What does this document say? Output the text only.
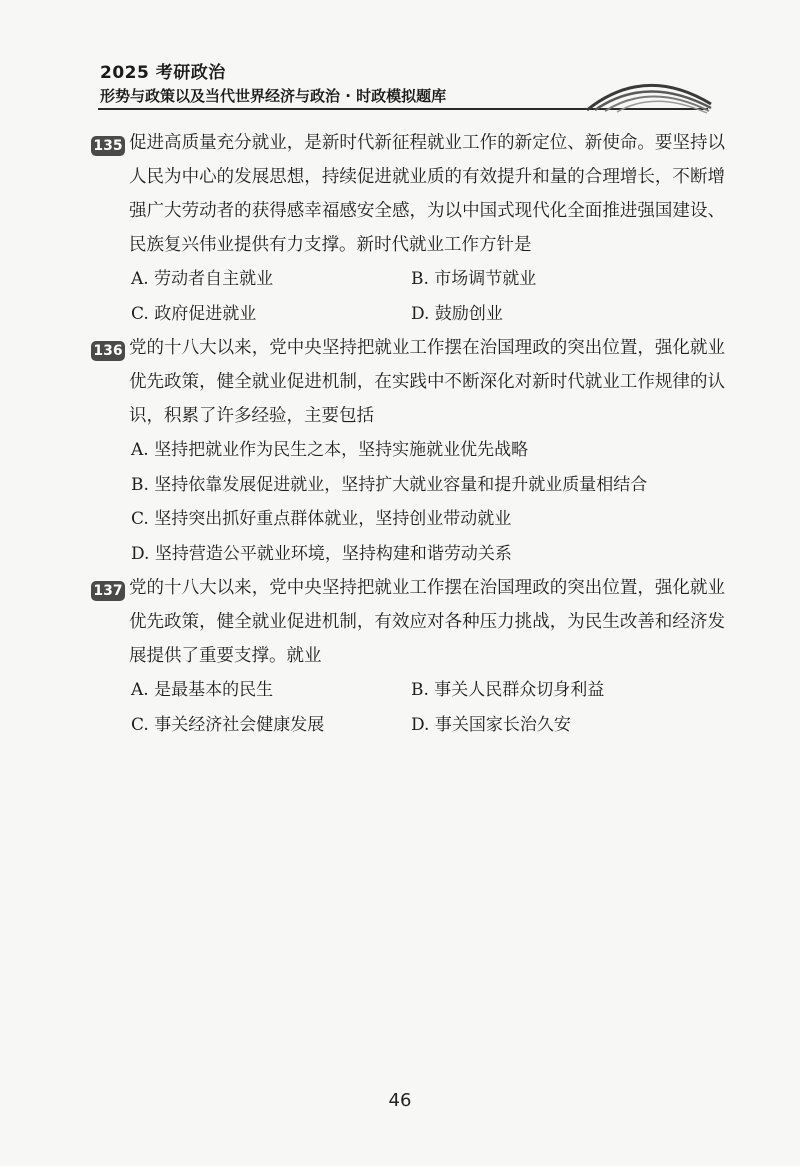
2025 考研政治
形势与政策以及当代世界经济与政治 · 时政模拟题库
135 促进高质量充分就业，是新时代新征程就业工作的新定位、新使命。要坚持以人民为中心的发展思想，持续促进就业质的有效提升和量的合理增长，不断增强广大劳动者的获得感幸福感安全感，为以中国式现代化全面推进强国建设、民族复兴伟业提供有力支撑。新时代就业工作方针是
A. 劳动者自主就业	B. 市场调节就业
C. 政府促进就业	D. 鼓励创业
136 党的十八大以来，党中央坚持把就业工作摆在治国理政的突出位置，强化就业优先政策，健全就业促进机制，在实践中不断深化对新时代就业工作规律的认识，积累了许多经验，主要包括
A. 坚持把就业作为民生之本，坚持实施就业优先战略
B. 坚持依靠发展促进就业，坚持扩大就业容量和提升就业质量相结合
C. 坚持突出抓好重点群体就业，坚持创业带动就业
D. 坚持营造公平就业环境，坚持构建和谐劳动关系
137 党的十八大以来，党中央坚持把就业工作摆在治国理政的突出位置，强化就业优先政策，健全就业促进机制，有效应对各种压力挑战，为民生改善和经济发展提供了重要支撑。就业
A. 是最基本的民生	B. 事关人民群众切身利益
C. 事关经济社会健康发展	D. 事关国家长治久安
46
